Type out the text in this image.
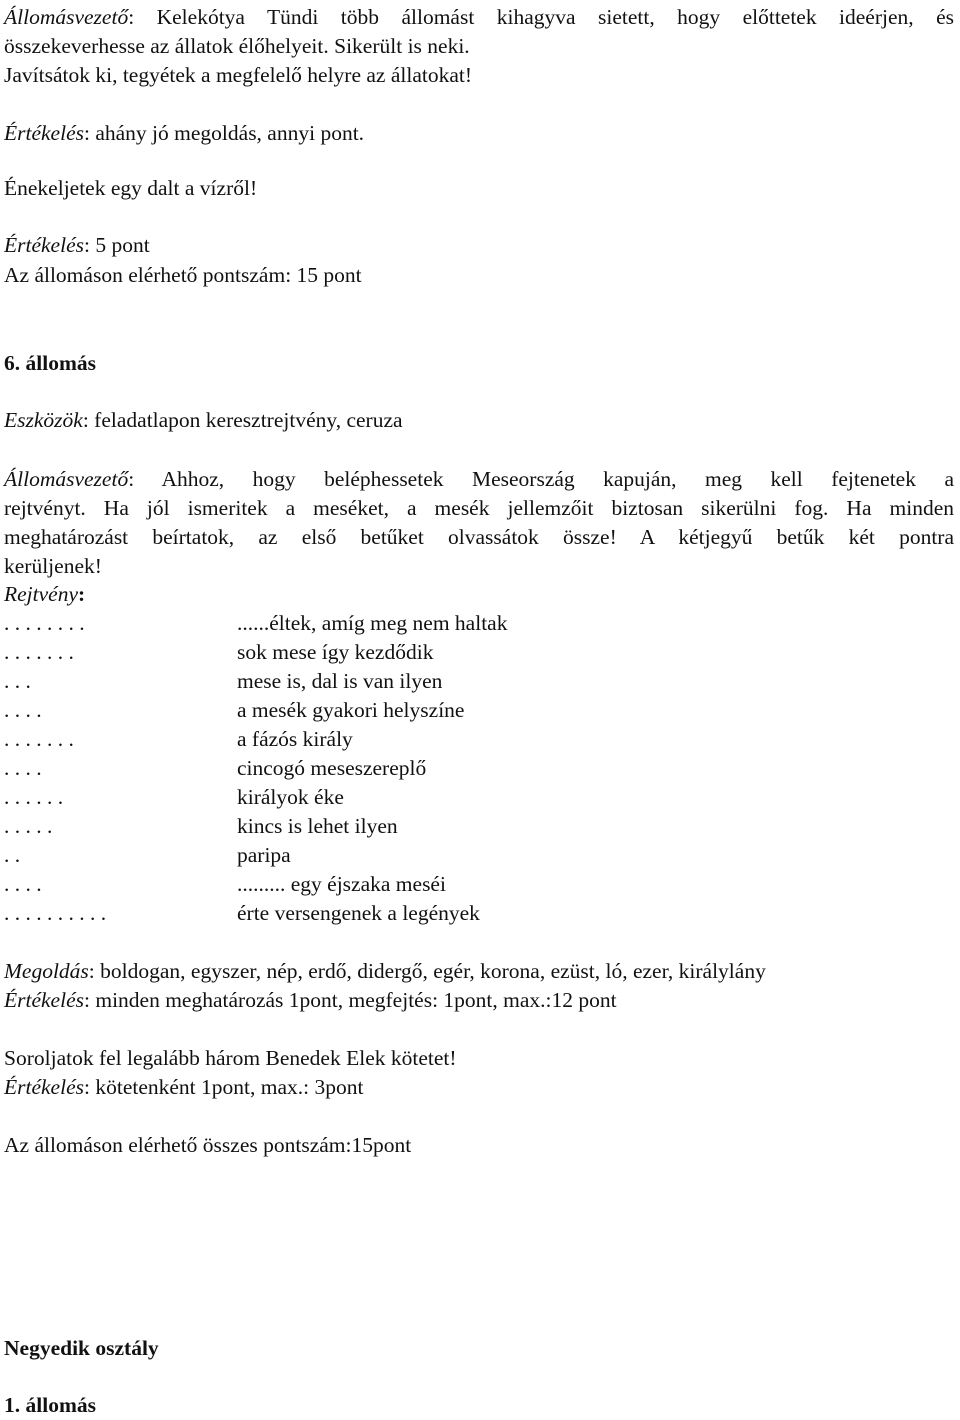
Állomásvezető: Kelekótya Tündi több állomást kihagyva sietett, hogy előttetek ideérjen, és
összekeverhesse az állatok élőhelyeit. Sikerült is neki.
Javítsátok ki, tegyétek a megfelelő helyre az állatokat!
Értékelés: ahány jó megoldás, annyi pont.
Énekeljetek egy dalt a vízről!
Értékelés: 5 pont
Az állomáson elérhető pontszám: 15 pont
6. állomás
Eszközök: feladatlapon keresztrejtvény, ceruza
Állomásvezető: Ahhoz, hogy beléphessetek Meseország kapuján, meg kell fejtenetek a
rejtvényt. Ha jól ismeritek a meséket, a mesék jellemzőit biztosan sikerülni fog. Ha minden
meghatározást beírtatok, az első betűket olvassátok össze! A kétjegyű betűk két pontra
kerüljenek!
Rejtvény:
. . . . . . . .	......éltek, amíg meg nem haltak
. . . . . . .	sok mese így kezdődik
. . .	mese is, dal is van ilyen
. . . .	a mesék gyakori helyszíne
. . . . . . .	a fázós király
. . . .	cincogó meseszereplő
. . . . . .	királyok éke
. . . . .	kincs is lehet ilyen
. .	paripa
. . . .	......... egy éjszaka meséi
. . . . . . . . . .	érte versengenek a legények
Megoldás: boldogan, egyszer, nép, erdő, didergő, egér, korona, ezüst, ló, ezer, királylány
Értékelés: minden meghatározás 1pont, megfejtés: 1pont, max.:12 pont
Soroljatok fel legalább három Benedek Elek kötetet!
Értékelés: kötetenként 1pont, max.: 3pont
Az állomáson elérhető összes pontszám:15pont
Negyedik osztály
1. állomás
